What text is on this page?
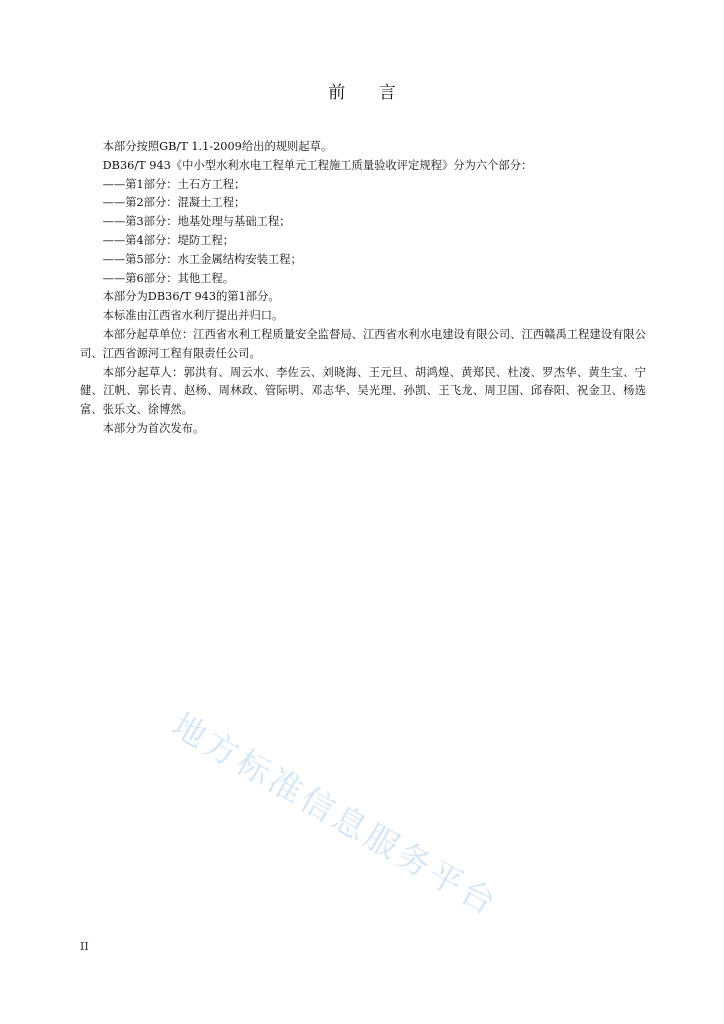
前 言

本部分按照GB/T 1.1-2009给出的规则起草。

DB36/T 943《中小型水利水电工程单元工程施工质量验收评定规程》分为六个部分：

——第1部分：土石方工程；

——第2部分：混凝土工程；

——第3部分：地基处理与基础工程；

——第4部分：堤防工程；

——第5部分：水工金属结构安装工程；

——第6部分：其他工程。

本部分为DB36/T 943的第1部分。

本标准由江西省水利厅提出并归口。

本部分起草单位：江西省水利工程质量安全监督局、江西省水利水电建设有限公司、江西赣禹工程建设有限公司、江西省源河工程有限责任公司。

本部分起草人：郭洪有、周云水、李佐云、刘晓海、王元旦、胡鸿煌、黄郑民、杜凌、罗杰华、黄生宝、宁健、江帆、郭长青、赵杨、周林政、管际明、邓志华、吴光理、孙凯、王飞龙、周卫国、邱春阳、祝金卫、杨选富、张乐文、徐博然。

本部分为首次发布。

地方标准信息服务平台
II
